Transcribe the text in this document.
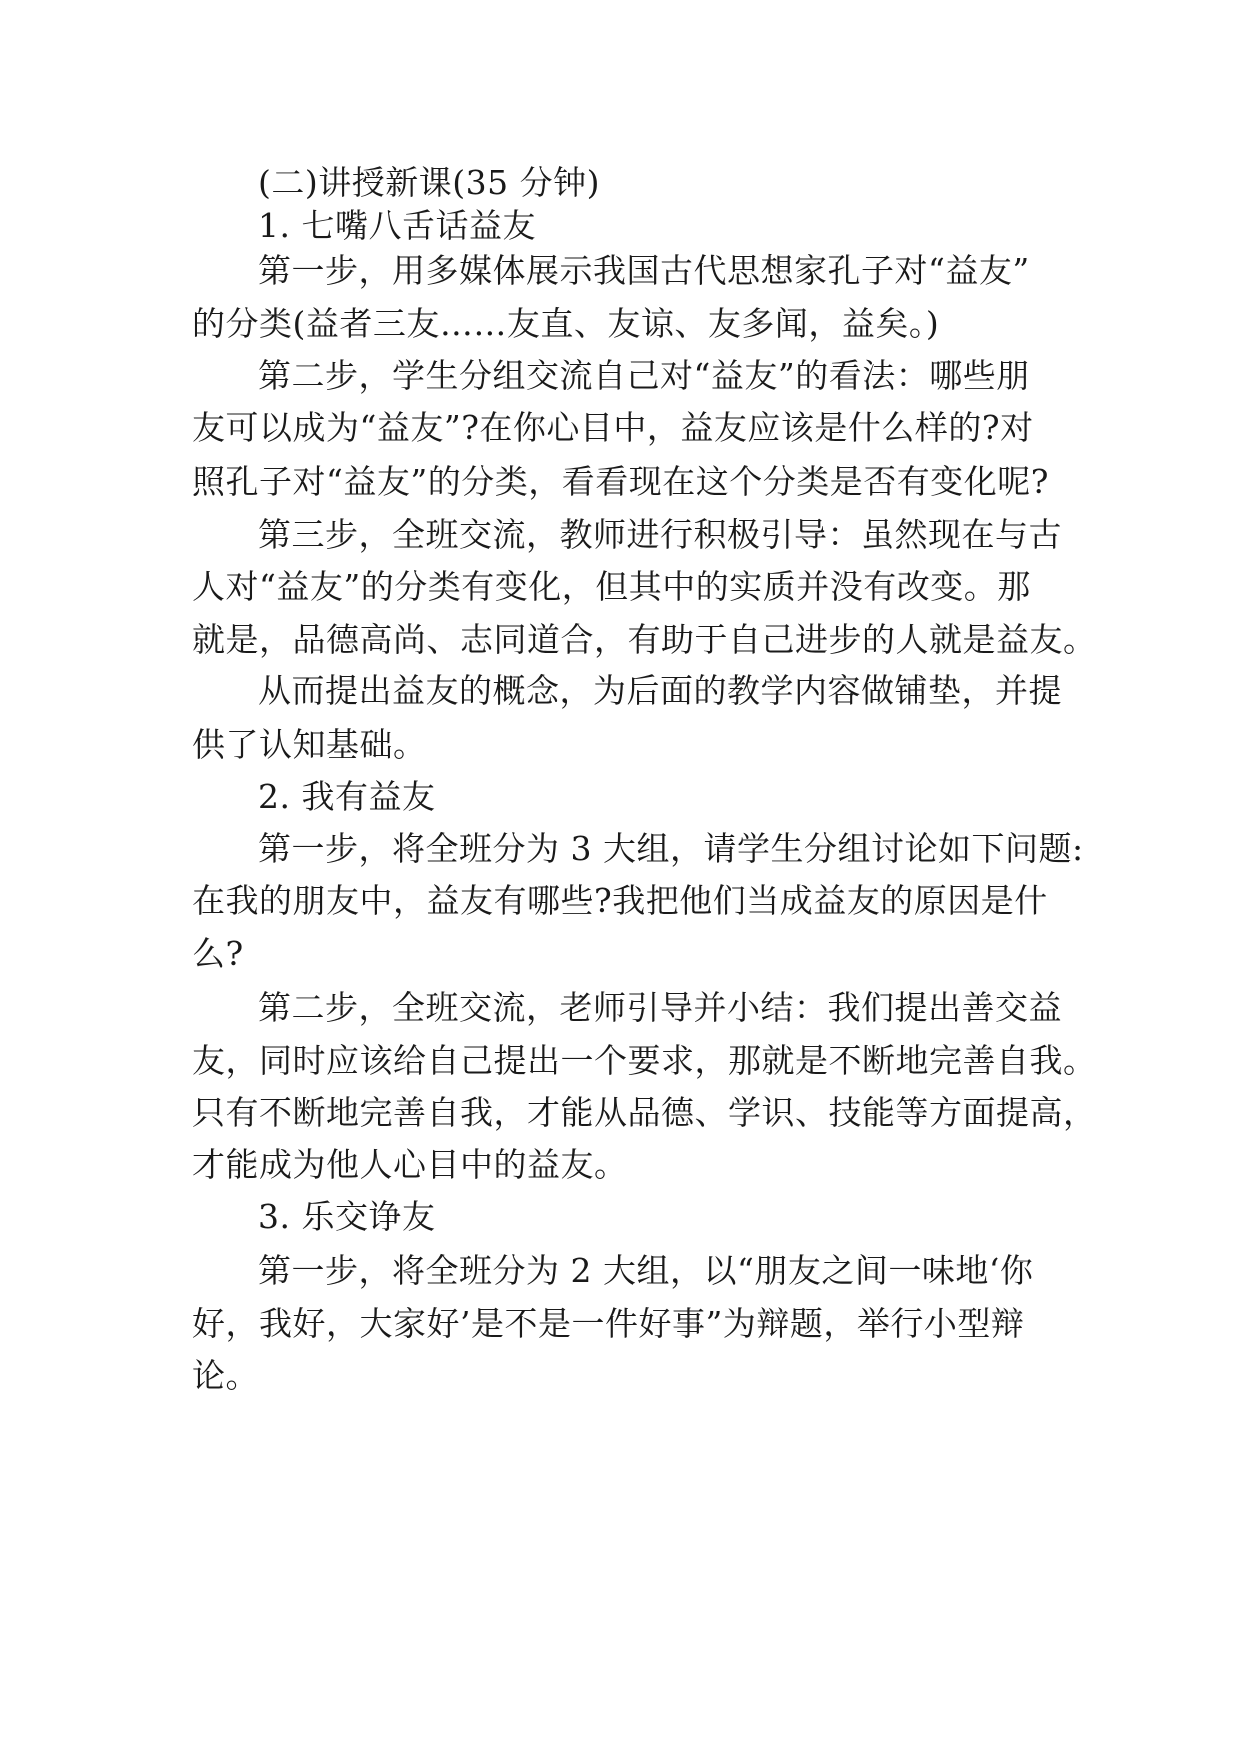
(二)讲授新课(35 分钟)
1. 七嘴八舌话益友
第一步，用多媒体展示我国古代思想家孔子对“益友”
的分类(益者三友……友直、友谅、友多闻，益矣。)
第二步，学生分组交流自己对“益友”的看法：哪些朋
友可以成为“益友”?在你心目中，益友应该是什么样的?对
照孔子对“益友”的分类，看看现在这个分类是否有变化呢?
第三步，全班交流，教师进行积极引导：虽然现在与古
人对“益友”的分类有变化，但其中的实质并没有改变。那
就是，品德高尚、志同道合，有助于自己进步的人就是益友。
从而提出益友的概念，为后面的教学内容做铺垫，并提
供了认知基础。
2. 我有益友
第一步，将全班分为 3 大组，请学生分组讨论如下问题:
在我的朋友中，益友有哪些?我把他们当成益友的原因是什
么?
第二步，全班交流，老师引导并小结：我们提出善交益
友，同时应该给自己提出一个要求，那就是不断地完善自我。
只有不断地完善自我，才能从品德、学识、技能等方面提高，
才能成为他人心目中的益友。
3. 乐交诤友
第一步，将全班分为 2 大组，以“朋友之间一味地‘你
好，我好，大家好’是不是一件好事”为辩题，举行小型辩
论。
